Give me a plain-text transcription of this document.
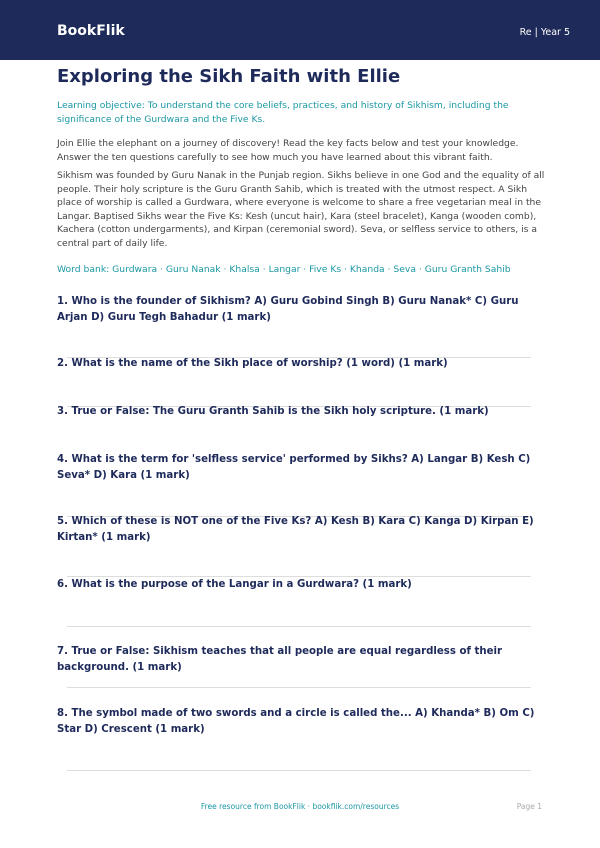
BookFlik	Re | Year 5
Exploring the Sikh Faith with Ellie
Learning objective: To understand the core beliefs, practices, and history of Sikhism, including the significance of the Gurdwara and the Five Ks.
Join Ellie the elephant on a journey of discovery! Read the key facts below and test your knowledge. Answer the ten questions carefully to see how much you have learned about this vibrant faith.
Sikhism was founded by Guru Nanak in the Punjab region. Sikhs believe in one God and the equality of all people. Their holy scripture is the Guru Granth Sahib, which is treated with the utmost respect. A Sikh place of worship is called a Gurdwara, where everyone is welcome to share a free vegetarian meal in the Langar. Baptised Sikhs wear the Five Ks: Kesh (uncut hair), Kara (steel bracelet), Kanga (wooden comb), Kachera (cotton undergarments), and Kirpan (ceremonial sword). Seva, or selfless service to others, is a central part of daily life.
Word bank: Gurdwara · Guru Nanak · Khalsa · Langar · Five Ks · Khanda · Seva · Guru Granth Sahib
1. Who is the founder of Sikhism? A) Guru Gobind Singh B) Guru Nanak* C) Guru Arjan D) Guru Tegh Bahadur (1 mark)
2. What is the name of the Sikh place of worship? (1 word) (1 mark)
3. True or False: The Guru Granth Sahib is the Sikh holy scripture. (1 mark)
4. What is the term for 'selfless service' performed by Sikhs? A) Langar B) Kesh C) Seva* D) Kara (1 mark)
5. Which of these is NOT one of the Five Ks? A) Kesh B) Kara C) Kanga D) Kirpan E) Kirtan* (1 mark)
6. What is the purpose of the Langar in a Gurdwara? (1 mark)
7. True or False: Sikhism teaches that all people are equal regardless of their background. (1 mark)
8. The symbol made of two swords and a circle is called the... A) Khanda* B) Om C) Star D) Crescent (1 mark)
Free resource from BookFlik · bookflik.com/resources	Page 1
